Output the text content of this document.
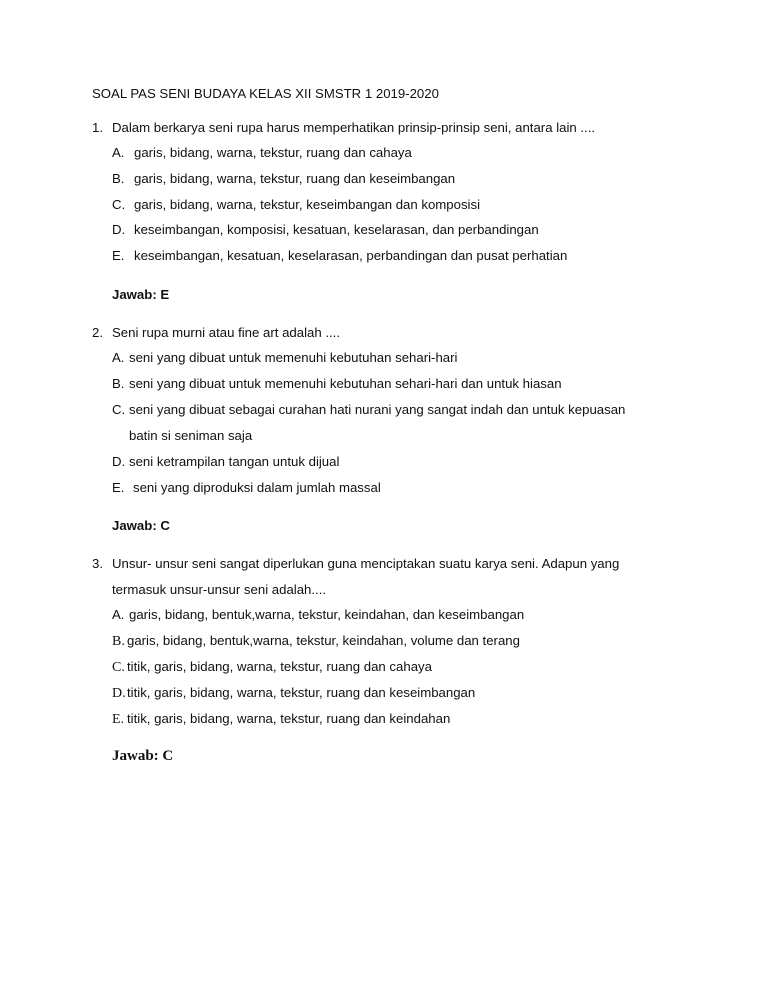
SOAL PAS SENI BUDAYA KELAS XII SMSTR 1 2019-2020
1. Dalam berkarya seni rupa harus memperhatikan prinsip-prinsip seni, antara lain ....
A. garis, bidang, warna, tekstur, ruang dan cahaya
B. garis, bidang, warna, tekstur, ruang dan keseimbangan
C. garis, bidang, warna, tekstur, keseimbangan dan komposisi
D. keseimbangan, komposisi, kesatuan, keselarasan, dan perbandingan
E. keseimbangan, kesatuan, keselarasan, perbandingan dan pusat perhatian
Jawab: E
2. Seni rupa murni atau fine art adalah ....
A. seni yang dibuat untuk memenuhi kebutuhan sehari-hari
B. seni yang dibuat untuk memenuhi kebutuhan sehari-hari dan untuk hiasan
C. seni yang dibuat sebagai curahan hati nurani yang sangat indah dan untuk kepuasan
batin si seniman saja
D. seni ketrampilan tangan untuk dijual
E. seni yang diproduksi dalam jumlah massal
Jawab: C
3. Unsur- unsur seni sangat diperlukan guna menciptakan suatu karya seni. Adapun yang
termasuk unsur-unsur seni adalah....
A. garis, bidang, bentuk,warna, tekstur, keindahan, dan keseimbangan
B. garis, bidang, bentuk,warna, tekstur, keindahan, volume dan terang
C. titik, garis, bidang, warna, tekstur, ruang dan cahaya
D.titik, garis, bidang, warna, tekstur, ruang dan keseimbangan
E. titik, garis, bidang, warna, tekstur, ruang dan keindahan
Jawab: C
